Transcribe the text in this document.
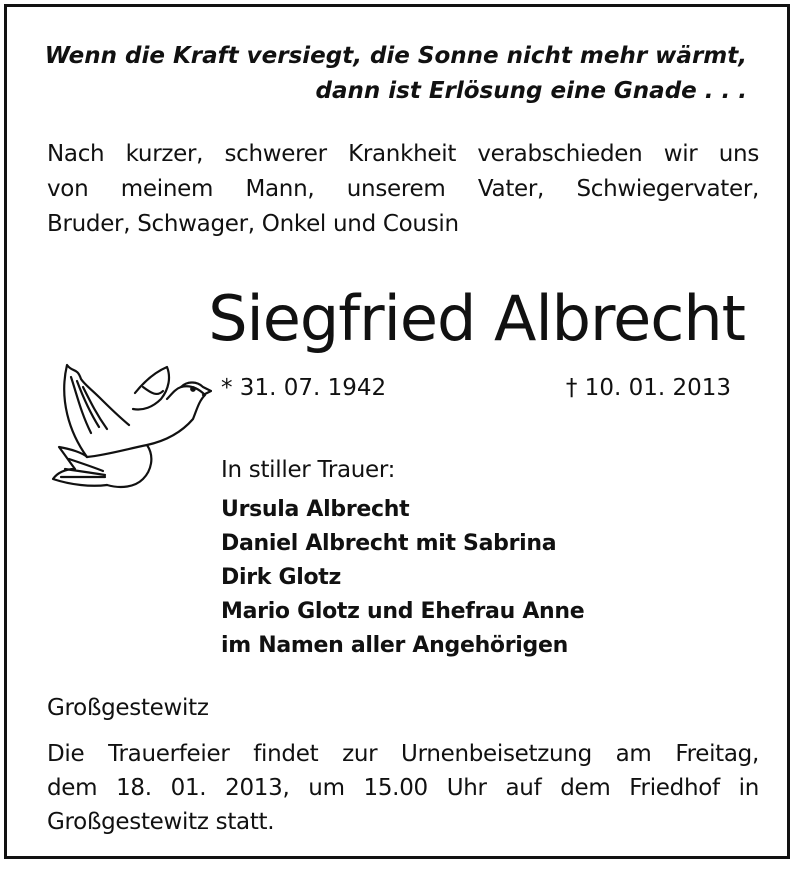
Wenn die Kraft versiegt, die Sonne nicht mehr wärmt,
dann ist Erlösung eine Gnade . . .
Nach kurzer, schwerer Krankheit verabschieden wir uns
von meinem Mann, unserem Vater, Schwiegervater,
Bruder, Schwager, Onkel und Cousin
Siegfried Albrecht
* 31. 07. 1942	† 10. 01. 2013
In stiller Trauer:
Ursula Albrecht
Daniel Albrecht mit Sabrina
Dirk Glotz
Mario Glotz und Ehefrau Anne
im Namen aller Angehörigen
Großgestewitz
Die Trauerfeier findet zur Urnenbeisetzung am Freitag,
dem 18. 01. 2013, um 15.00 Uhr auf dem Friedhof in
Großgestewitz statt.
